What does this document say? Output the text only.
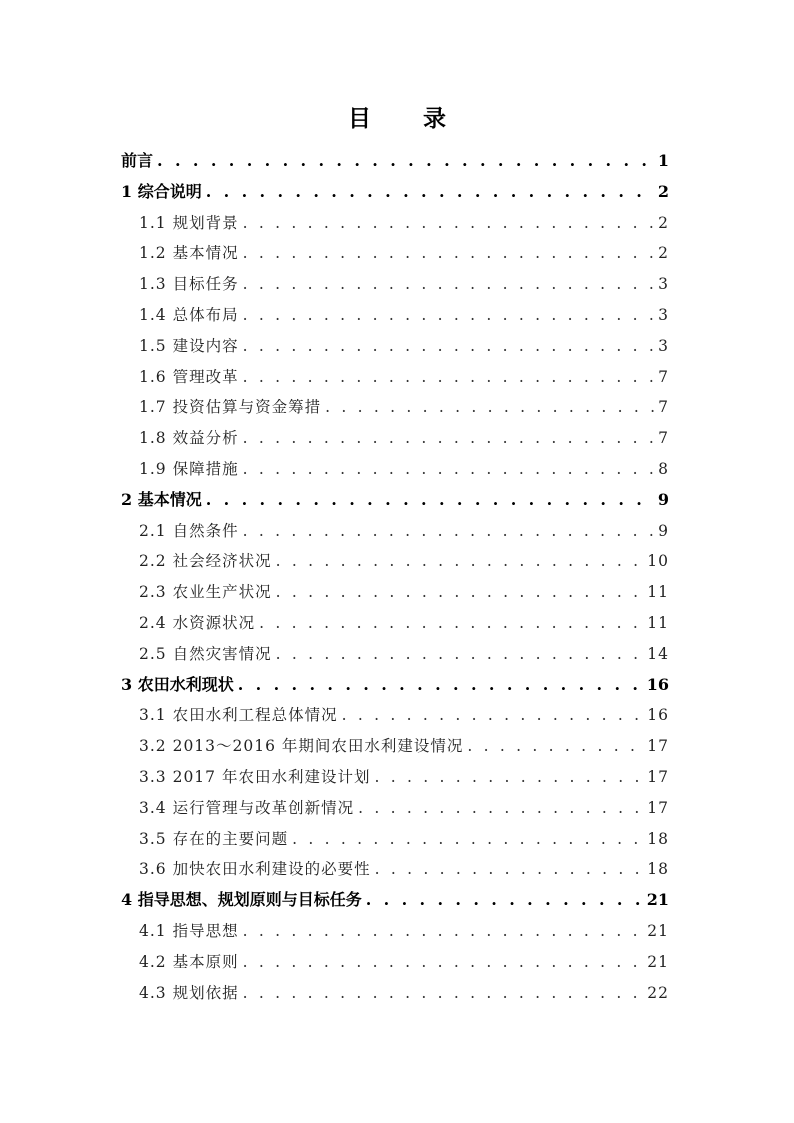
目 录
前言 . . .	1
1 综合说明 . . .	2
1.1 规划背景 . . .	2
1.2 基本情况 . . .	2
1.3 目标任务 . . .	3
1.4 总体布局 . . .	3
1.5 建设内容 . . .	3
1.6 管理改革 . . .	7
1.7 投资估算与资金筹措 . . .	7
1.8 效益分析 . . .	7
1.9 保障措施 . . .	8
2 基本情况 . . .	9
2.1 自然条件 . . .	9
2.2 社会经济状况 . . .	10
2.3 农业生产状况 . . .	11
2.4 水资源状况 . . .	11
2.5 自然灾害情况 . . .	14
3 农田水利现状 . . .	16
3.1 农田水利工程总体情况 . . .	16
3.2 2013～2016 年期间农田水利建设情况 . . .	17
3.3 2017 年农田水利建设计划 . . .	17
3.4 运行管理与改革创新情况 . . .	17
3.5 存在的主要问题 . . .	18
3.6 加快农田水利建设的必要性 . . .	18
4 指导思想、规划原则与目标任务 . . .	21
4.1 指导思想 . . .	21
4.2 基本原则 . . .	21
4.3 规划依据 . . .	22
